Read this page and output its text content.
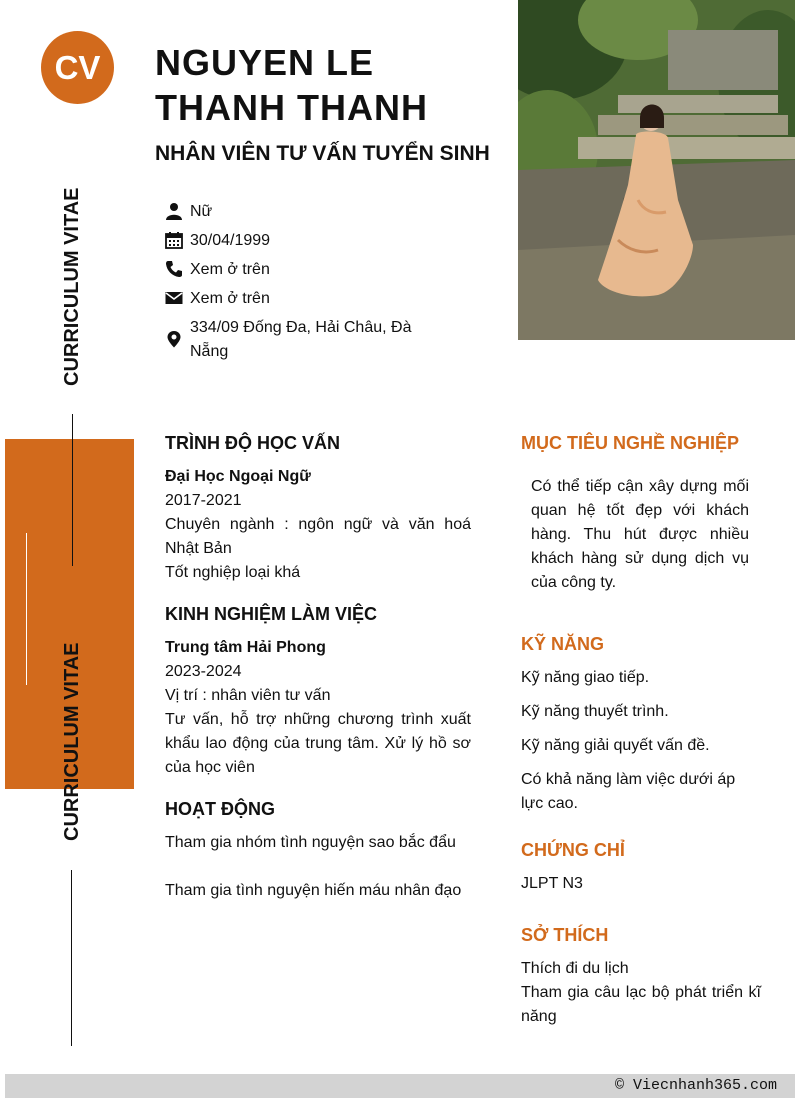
CV
CURRICULUM VITAE
CURRICULUM VITAE
NGUYEN LE THANH THANH
NHÂN VIÊN TƯ VẤN TUYỂN SINH
Nữ
30/04/1999
Xem ở trên
Xem ở trên
334/09 Đống Đa, Hải Châu, Đà Nẵng
TRÌNH ĐỘ HỌC VẤN
Đại Học Ngoại Ngữ
2017-2021
Chuyên ngành : ngôn ngữ và văn hoá Nhật Bản
Tốt nghiệp loại khá
KINH NGHIỆM LÀM VIỆC
Trung tâm Hải Phong
2023-2024
Vị trí : nhân viên tư vấn
Tư vấn, hỗ trợ những chương trình xuất khẩu lao động của trung tâm. Xử lý hồ sơ của học viên
HOẠT ĐỘNG
Tham gia nhóm tình nguyện sao bắc đẩu
Tham gia tình nguyện hiến máu nhân đạo
MỤC TIÊU NGHỀ NGHIỆP
Có thể tiếp cận xây dựng mối quan hệ tốt đẹp với khách hàng. Thu hút được nhiều khách hàng sử dụng dịch vụ của công ty.
KỸ NĂNG
Kỹ năng giao tiếp.
Kỹ năng thuyết trình.
Kỹ năng giải quyết vấn đề.
Có khả năng làm việc dưới áp lực cao.
CHỨNG CHỈ
JLPT N3
SỞ THÍCH
Thích đi du lịch
Tham gia câu lạc bộ phát triển kĩ năng
© Viecnhanh365.com
